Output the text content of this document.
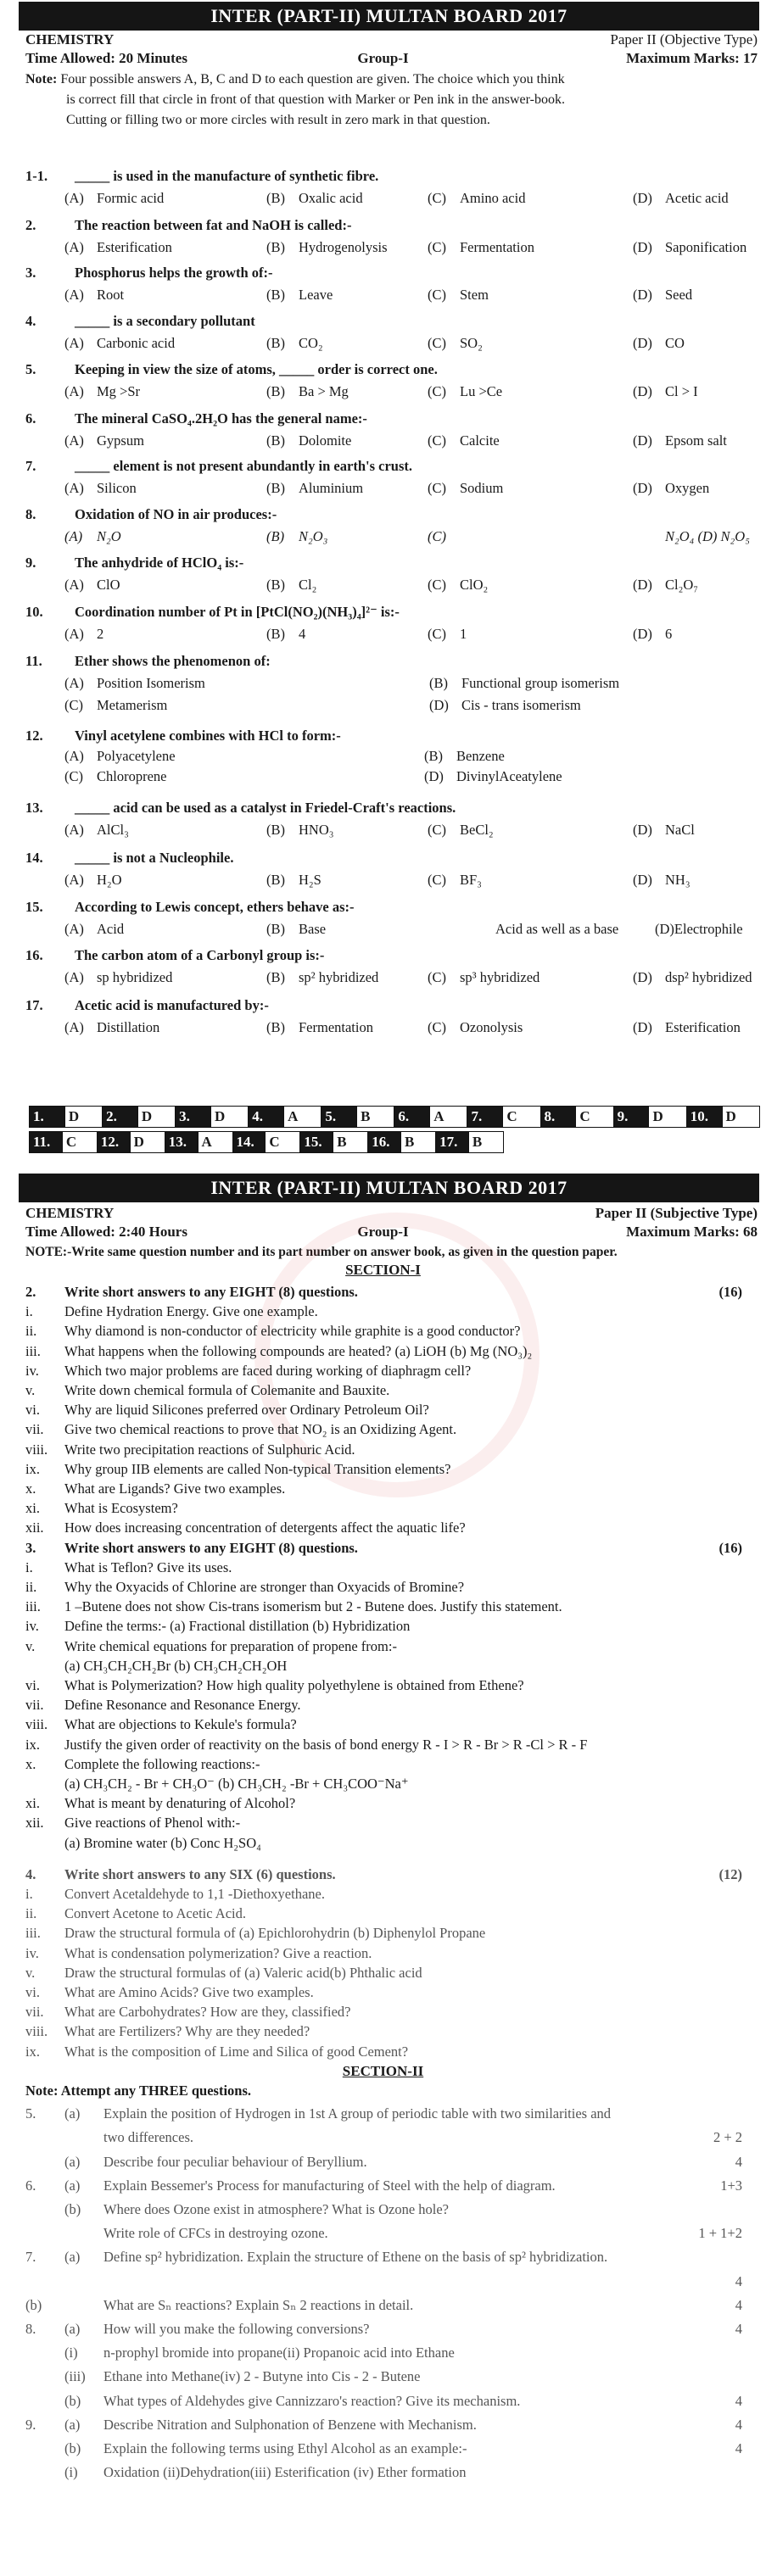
INTER (PART-II) MULTAN BOARD 2017
CHEMISTRY	Paper II (Objective Type)
Time Allowed: 20 Minutes	Group-I	Maximum Marks: 17
Note: Four possible answers A, B, C and D to each question are given. The choice which you think
is correct fill that circle in front of that question with Marker or Pen ink in the answer-book.
Cutting or filling two or more circles with result in zero mark in that question.
1-1. _____ is used in the manufacture of synthetic fibre.
(A) Formic acid	(B) Oxalic acid	(C) Amino acid	(D) Acetic acid
2.	The reaction between fat and NaOH is called:-
(A) Esterification	(B) Hydrogenolysis	(C) Fermentation	(D) Saponification
3.	Phosphorus helps the growth of:-
(A) Root	(B) Leave	(C) Stem	(D) Seed
4.	_____ is a secondary pollutant
(A) Carbonic acid	(B) CO₂	(C) SO₂	(D) CO
5.	Keeping in view the size of atoms, _____ order is correct one.
(A) Mg >Sr	(B) Ba > Mg	(C) Lu >Ce	(D) Cl > I
6.	The mineral CaSO₄.2H₂O has the general name:-
(A) Gypsum	(B) Dolomite	(C) Calcite	(D) Epsom salt
7.	_____ element is not present abundantly in earth's crust.
(A) Silicon	(B) Aluminium	(C) Sodium	(D) Oxygen
8.	Oxidation of NO in air produces:-
(A) N₂O	(B) N₂O₃	(C)	N₂O₄ (D) N₂O₅
9.	The anhydride of HClO₄ is:-
(A) ClO	(B) Cl₂	(C) ClO₂	(D) Cl₂O₇
10. Coordination number of Pt in [PtCl(NO₂)(NH₃)₄]²⁻ is:-
(A) 2	(B) 4	(C) 1	(D) 6
11. Ether shows the phenomenon of:
(A) Position Isomerism	(B) Functional group isomerism
(C) Metamerism	(D) Cis - trans isomerism
12. Vinyl acetylene combines with HCl to form:-
(A) Polyacetylene	(B) Benzene
(C) Chloroprene	(D) DivinylAceatylene
13. _____ acid can be used as a catalyst in Friedel-Craft's reactions.
(A) AlCl₃	(B) HNO₃	(C) BeCl₂	(D) NaCl
14. _____ is not a Nucleophile.
(A) H₂O	(B) H₂S	(C) BF₃	(D) NH₃
15. According to Lewis concept, ethers behave as:-
(A) Acid	(B) Base	Acid as well as a base	(D)Electrophile
16. The carbon atom of a Carbonyl group is:-
(A) sp hybridized	(B) sp² hybridized	(C) sp³ hybridized	(D) dsp² hybridized
17. Acetic acid is manufactured by:-
(A) Distillation	(B) Fermentation	(C) Ozonolysis	(D) Esterification
1.	D	2.	D	3.	D	4.	A	5.	B	6.	A	7.	C	8.	C	9.	D	10.	D
11.	C	12.	D	13.	A	14.	C	15.	B	16.	B	17.	B
INTER (PART-II) MULTAN BOARD 2017
CHEMISTRY	Paper II (Subjective Type)
Time Allowed: 2:40 Hours	Group-I	Maximum Marks: 68
NOTE:-Write same question number and its part number on answer book, as given in the question paper.
SECTION-I
2.	Write short answers to any EIGHT (8) questions.	(16)
i.	Define Hydration Energy. Give one example.
ii.	Why diamond is non-conductor of electricity while graphite is a good conductor?
iii.	What happens when the following compounds are heated? (a) LiOH (b) Mg (NO₃)₂
iv.	Which two major problems are faced during working of diaphragm cell?
v.	Write down chemical formula of Colemanite and Bauxite.
vi.	Why are liquid Silicones preferred over Ordinary Petroleum Oil?
vii.	Give two chemical reactions to prove that NO₂ is an Oxidizing Agent.
viii.	Write two precipitation reactions of Sulphuric Acid.
ix.	Why group IIB elements are called Non-typical Transition elements?
x.	What are Ligands? Give two examples.
xi.	What is Ecosystem?
xii.	How does increasing concentration of detergents affect the aquatic life?
3.	Write short answers to any EIGHT (8) questions.	(16)
i.	What is Teflon? Give its uses.
ii.	Why the Oxyacids of Chlorine are stronger than Oxyacids of Bromine?
iii.	1 –Butene does not show Cis-trans isomerism but 2 - Butene does. Justify this statement.
iv.	Define the terms:- (a) Fractional distillation (b) Hybridization
v.	Write chemical equations for preparation of propene from:-
(a) CH₃CH₂CH₂Br (b) CH₃CH₂CH₂OH
vi.	What is Polymerization? How high quality polyethylene is obtained from Ethene?
vii.	Define Resonance and Resonance Energy.
viii.	What are objections to Kekule's formula?
ix.	Justify the given order of reactivity on the basis of bond energy R - I > R - Br > R -Cl > R - F
x.	Complete the following reactions:-
(a) CH₃CH₂ - Br + CH₃O⁻ (b) CH₃CH₂ -Br + CH₃COO⁻Na⁺
xi.	What is meant by denaturing of Alcohol?
xii.	Give reactions of Phenol with:-
(a) Bromine water (b) Conc H₂SO₄
4.	Write short answers to any SIX (6) questions.	(12)
i.	Convert Acetaldehyde to 1,1 -Diethoxyethane.
ii.	Convert Acetone to Acetic Acid.
iii.	Draw the structural formula of (a) Epichlorohydrin (b) Diphenylol Propane
iv.	What is condensation polymerization? Give a reaction.
v.	Draw the structural formulas of (a) Valeric acid(b) Phthalic acid
vi.	What are Amino Acids? Give two examples.
vii.	What are Carbohydrates? How are they, classified?
viii.	What are Fertilizers? Why are they needed?
ix.	What is the composition of Lime and Silica of good Cement?
SECTION-II
Note: Attempt any THREE questions.
5.	(a) Explain the position of Hydrogen in 1st A group of periodic table with two similarities and
two differences.	2 + 2
(a) Describe four peculiar behaviour of Beryllium.	4
6.	(a) Explain Bessemer's Process for manufacturing of Steel with the help of diagram.	1+3
(b) Where does Ozone exist in atmosphere? What is Ozone hole?
Write role of CFCs in destroying ozone.	1 + 1+2
7.	(a) Define sp² hybridization. Explain the structure of Ethene on the basis of sp² hybridization.
4
(b)	What are Sₙ reactions? Explain Sₙ 2 reactions in detail.	4
8.	(a) How will you make the following conversions?	4
(i) n-prophyl bromide into propane(ii) Propanoic acid into Ethane
(iii) Ethane into Methane(iv) 2 - Butyne into Cis - 2 - Butene
(b) What types of Aldehydes give Cannizzaro's reaction? Give its mechanism.	4
9.	(a) Describe Nitration and Sulphonation of Benzene with Mechanism.	4
(b) Explain the following terms using Ethyl Alcohol as an example:-	4
(i) Oxidation (ii)Dehydration(iii) Esterification (iv) Ether formation
